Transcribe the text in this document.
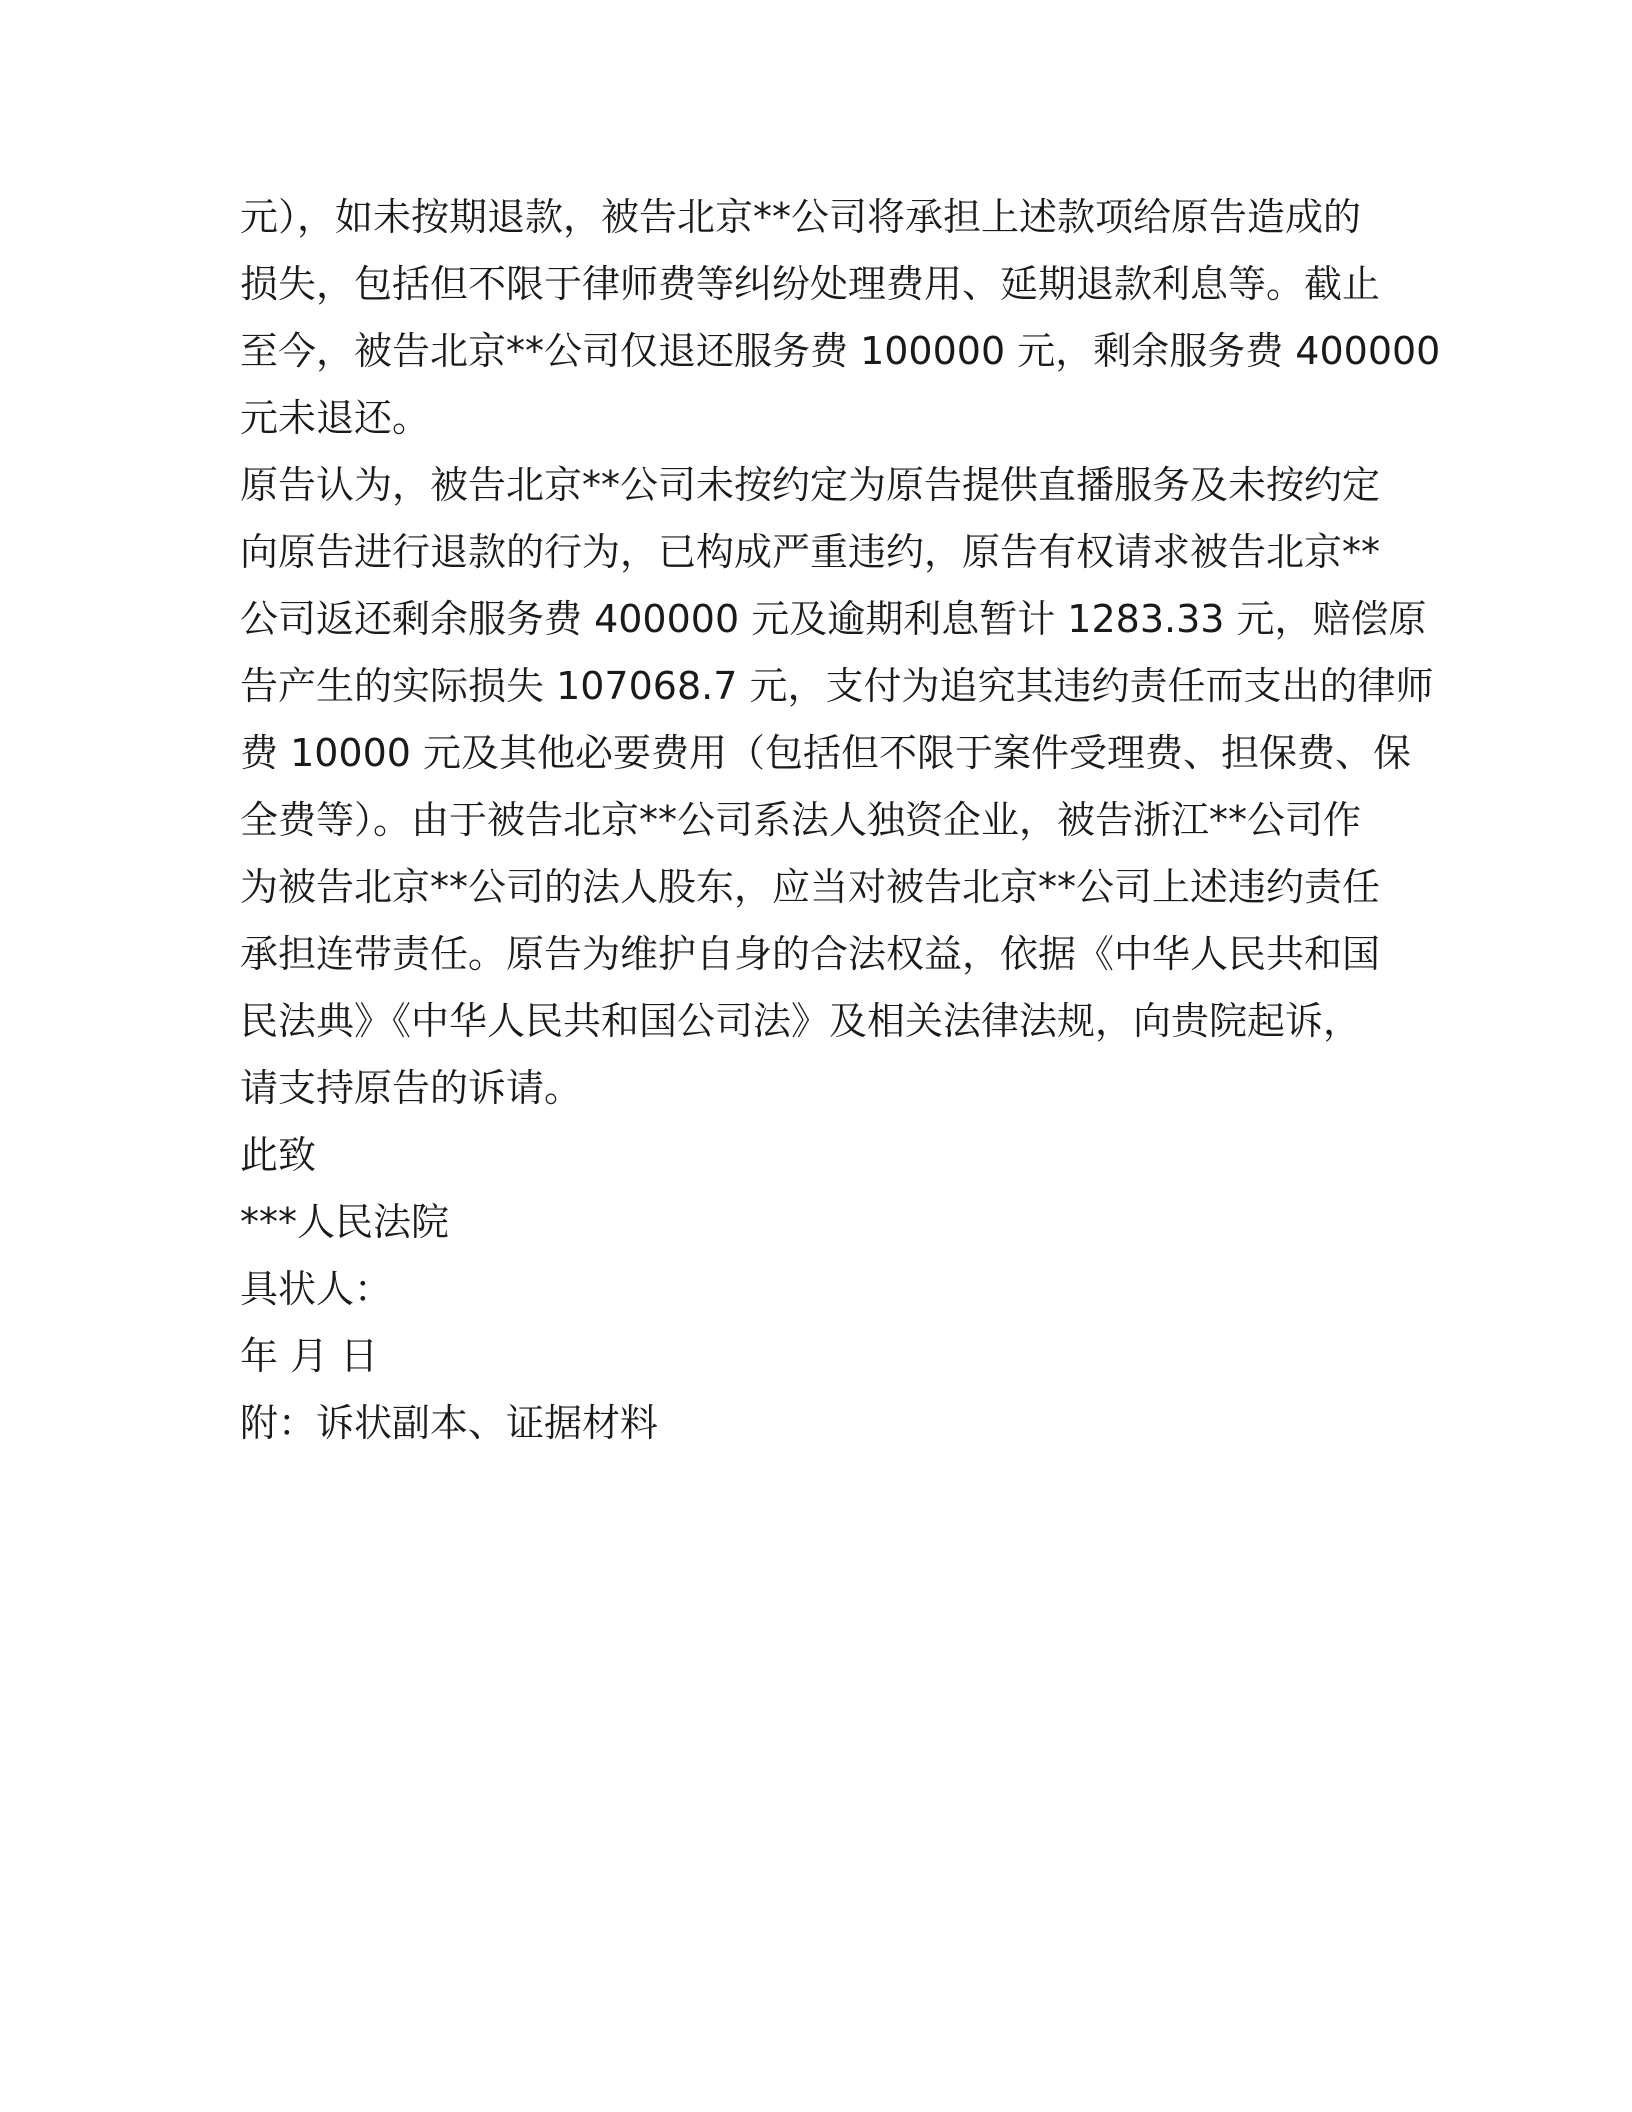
元），如未按期退款，被告北京**公司将承担上述款项给原告造成的
损失，包括但不限于律师费等纠纷处理费用、延期退款利息等。截止
至今，被告北京**公司仅退还服务费 100000 元，剩余服务费 400000
元未退还。
原告认为，被告北京**公司未按约定为原告提供直播服务及未按约定
向原告进行退款的行为，已构成严重违约，原告有权请求被告北京**
公司返还剩余服务费 400000 元及逾期利息暂计 1283.33 元，赔偿原
告产生的实际损失 107068.7 元，支付为追究其违约责任而支出的律师
费 10000 元及其他必要费用（包括但不限于案件受理费、担保费、保
全费等）。由于被告北京**公司系法人独资企业，被告浙江**公司作
为被告北京**公司的法人股东，应当对被告北京**公司上述违约责任
承担连带责任。原告为维护自身的合法权益，依据《中华人民共和国
民法典》《中华人民共和国公司法》及相关法律法规，向贵院起诉，
请支持原告的诉请。
此致
***人民法院
具状人：
年 月 日
附：诉状副本、证据材料
